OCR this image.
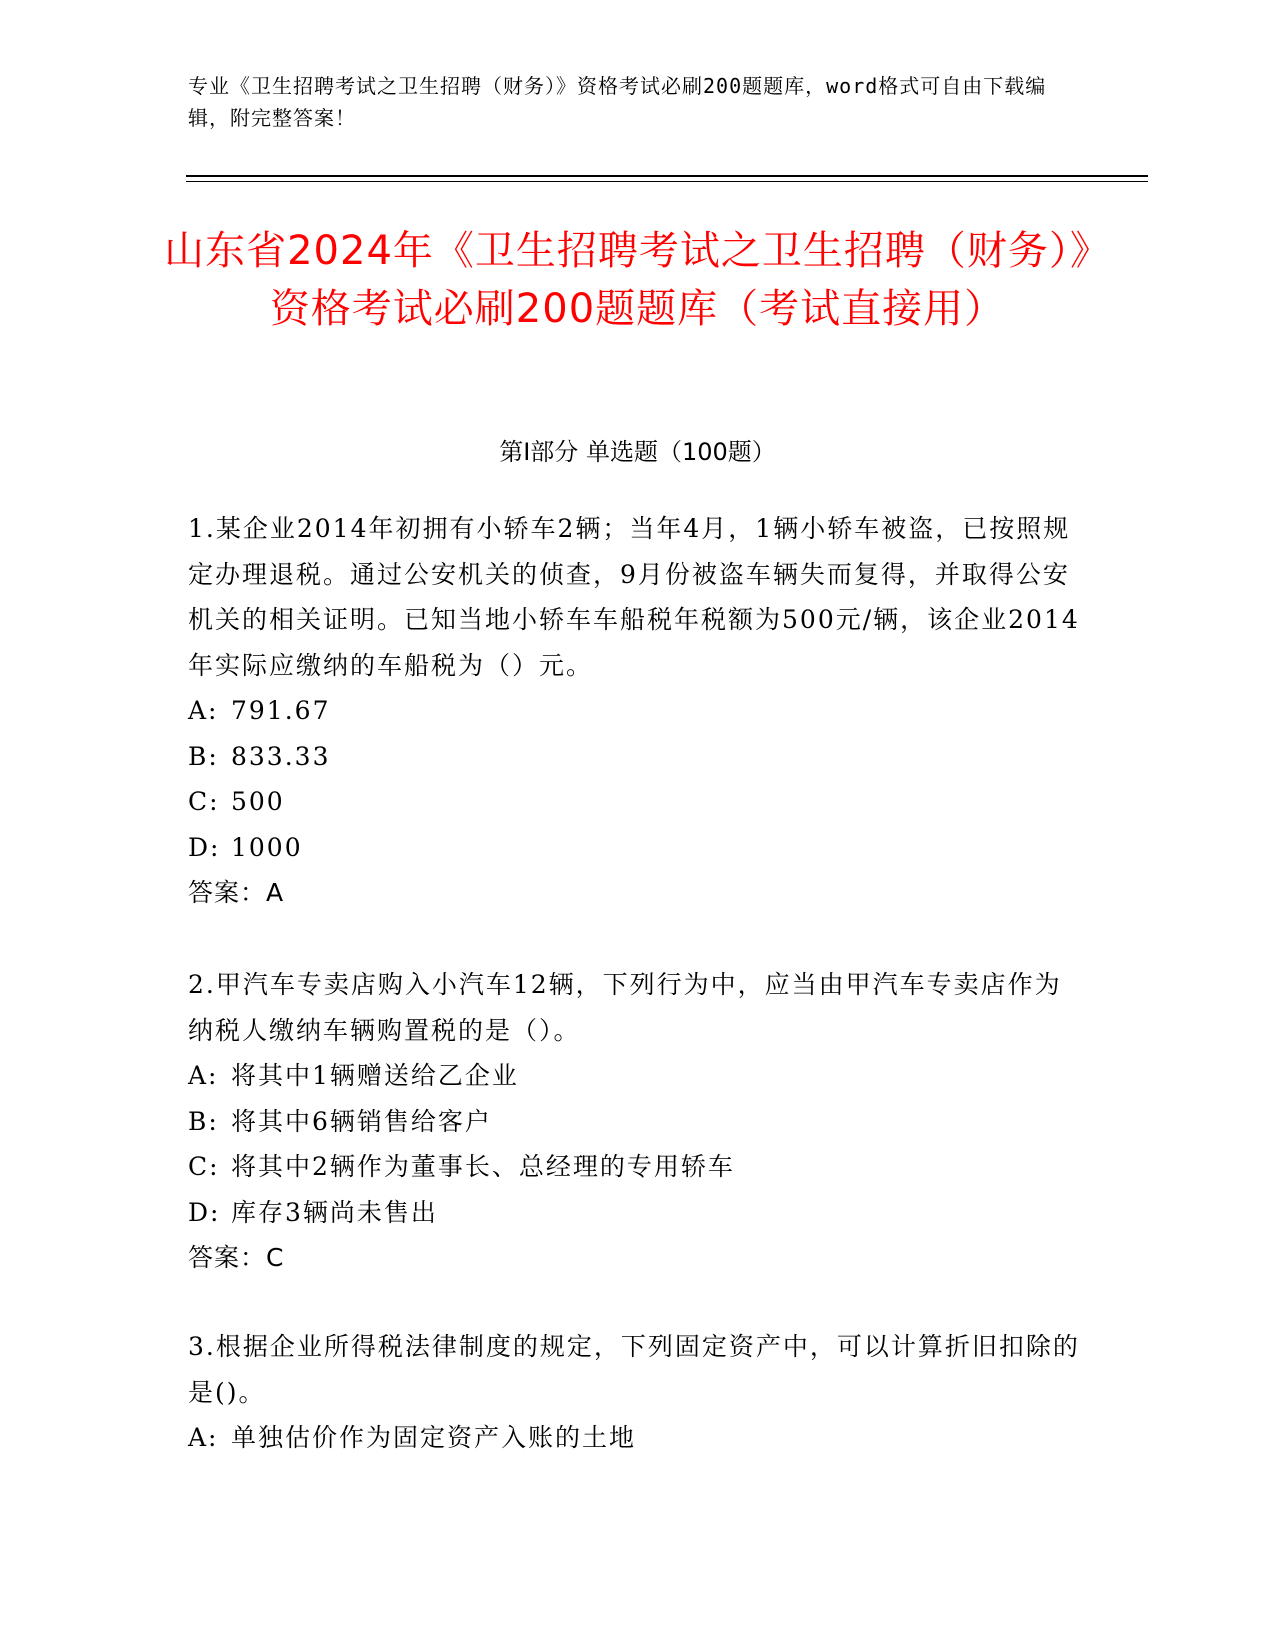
专业《卫生招聘考试之卫生招聘（财务）》资格考试必刷200题题库，word格式可自由下载编辑，附完整答案！
山东省2024年《卫生招聘考试之卫生招聘（财务）》资格考试必刷200题题库（考试直接用）
第I部分 单选题（100题）

1.某企业2014年初拥有小轿车2辆；当年4月，1辆小轿车被盗，已按照规定办理退税。通过公安机关的侦查，9月份被盗车辆失而复得，并取得公安机关的相关证明。已知当地小轿车车船税年税额为500元/辆，该企业2014年实际应缴纳的车船税为（）元。

A: 791.67

B: 833.33

C: 500

D: 1000

答案：A

2.甲汽车专卖店购入小汽车12辆，下列行为中，应当由甲汽车专卖店作为纳税人缴纳车辆购置税的是（）。

A: 将其中1辆赠送给乙企业

B: 将其中6辆销售给客户

C: 将其中2辆作为董事长、总经理的专用轿车

D: 库存3辆尚未售出

答案：C

3.根据企业所得税法律制度的规定，下列固定资产中，可以计算折旧扣除的是()。

A: 单独估价作为固定资产入账的土地
